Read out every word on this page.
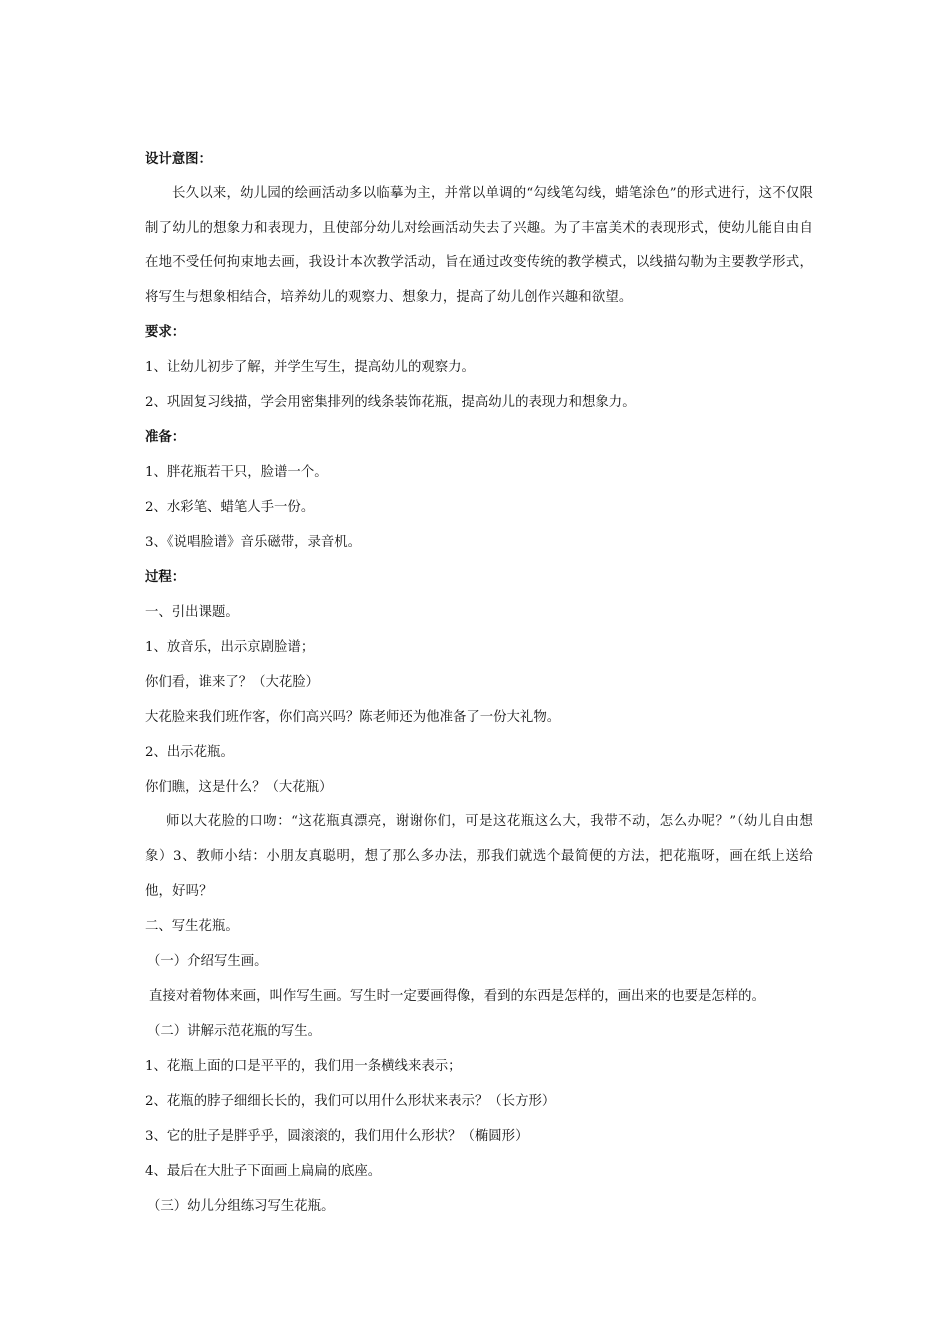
设计意图：
长久以来，幼儿园的绘画活动多以临摹为主，并常以单调的“勾线笔勾线，蜡笔涂色”的形式进行，这不仅限制了幼儿的想象力和表现力，且使部分幼儿对绘画活动失去了兴趣。为了丰富美术的表现形式，使幼儿能自由自在地不受任何拘束地去画，我设计本次教学活动，旨在通过改变传统的教学模式，以线描勾勒为主要教学形式，将写生与想象相结合，培养幼儿的观察力、想象力，提高了幼儿创作兴趣和欲望。
要求：
1、让幼儿初步了解，并学生写生，提高幼儿的观察力。
2、巩固复习线描，学会用密集排列的线条装饰花瓶，提高幼儿的表现力和想象力。
准备：
1、胖花瓶若干只，脸谱一个。
2、水彩笔、蜡笔人手一份。
3、《说唱脸谱》音乐磁带，录音机。
过程：
一、引出课题。
1、放音乐，出示京剧脸谱；
你们看，谁来了？（大花脸）
大花脸来我们班作客，你们高兴吗？陈老师还为他准备了一份大礼物。
2、出示花瓶。
你们瞧，这是什么？（大花瓶）
师以大花脸的口吻：“这花瓶真漂亮，谢谢你们，可是这花瓶这么大，我带不动，怎么办呢？”（幼儿自由想象）3、教师小结：小朋友真聪明，想了那么多办法，那我们就选个最简便的方法，把花瓶呀，画在纸上送给他，好吗？
二、写生花瓶。
（一）介绍写生画。
直接对着物体来画，叫作写生画。写生时一定要画得像，看到的东西是怎样的，画出来的也要是怎样的。
（二）讲解示范花瓶的写生。
1、花瓶上面的口是平平的，我们用一条横线来表示；
2、花瓶的脖子细细长长的，我们可以用什么形状来表示？（长方形）
3、它的肚子是胖乎乎，圆滚滚的，我们用什么形状？（椭圆形）
4、最后在大肚子下面画上扁扁的底座。
（三）幼儿分组练习写生花瓶。
